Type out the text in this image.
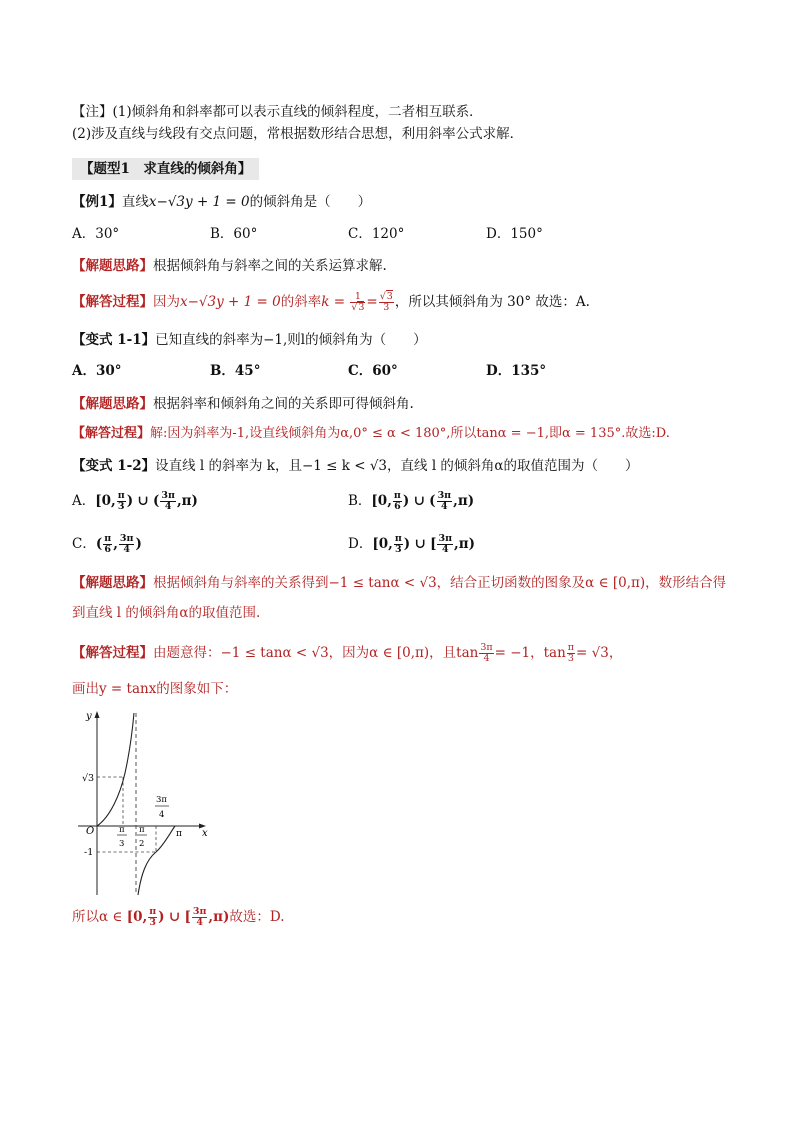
【注】(1)倾斜角和斜率都可以表示直线的倾斜程度，二者相互联系．
(2)涉及直线与线段有交点问题，常根据数形结合思想，利用斜率公式求解．
【题型1　求直线的倾斜角】
【例1】直线x−√3y + 1 = 0的倾斜角是（　　）
A．30°	B．60°	C．120°	D．150°
【解题思路】根据倾斜角与斜率之间的关系运算求解.
【解答过程】因为x−√3y + 1 = 0的斜率$k = \frac{1}{√3} = \frac{√3}{3}$ ，所以其倾斜角为 30° 故选：A.
【变式 1-1】已知直线的斜率为−1,则l的倾斜角为（　　）
A．30°	B．45°	C．60°	D．135°
【解题思路】根据斜率和倾斜角之间的关系即可得倾斜角.
【解答过程】解:因为斜率为-1,设直线倾斜角为α,0° ≤ α < 180°,所以tanα = −1,即α = 135°.故选:D.
【变式 1-2】设直线 l 的斜率为 k，且−1 ≤ k < √3，直线 l 的倾斜角α的取值范围为（　　）
A．[0, $\frac{\pi}{3}$ ) ∪ ( $\frac{3\pi}{4} ,\pi$)	B．[0, $\frac{\pi}{6}$ ) ∪ ( $\frac{3\pi}{4} ,\pi$)
C．( $\frac{\pi}{6}$ , $\frac{3\pi}{4}$ )	D．[0, $\frac{\pi}{3}$ ) ∪ [ $\frac{3\pi}{4} ,\pi$)
【解题思路】根据倾斜角与斜率的关系得到−1 ≤ tanα < √3，结合正切函数的图象及α ∈ [0,π)，数形结合得
到直线 l 的倾斜角α的取值范围.
【解答过程】由题意得：−1 ≤ tanα < √3，因为α ∈ [0,π)，且$\tan \frac{3\pi}{4} = -1$，$\tan \frac{\pi}{3} = √3$，
画出y = tanx的图象如下：
y
x
O
√3
-1
π
3
π
2
3π
4
π
所以α ∈ [0, $\frac{\pi}{3}$ ) ∪ [ $\frac{3\pi}{4} ,\pi$)故选：D.
